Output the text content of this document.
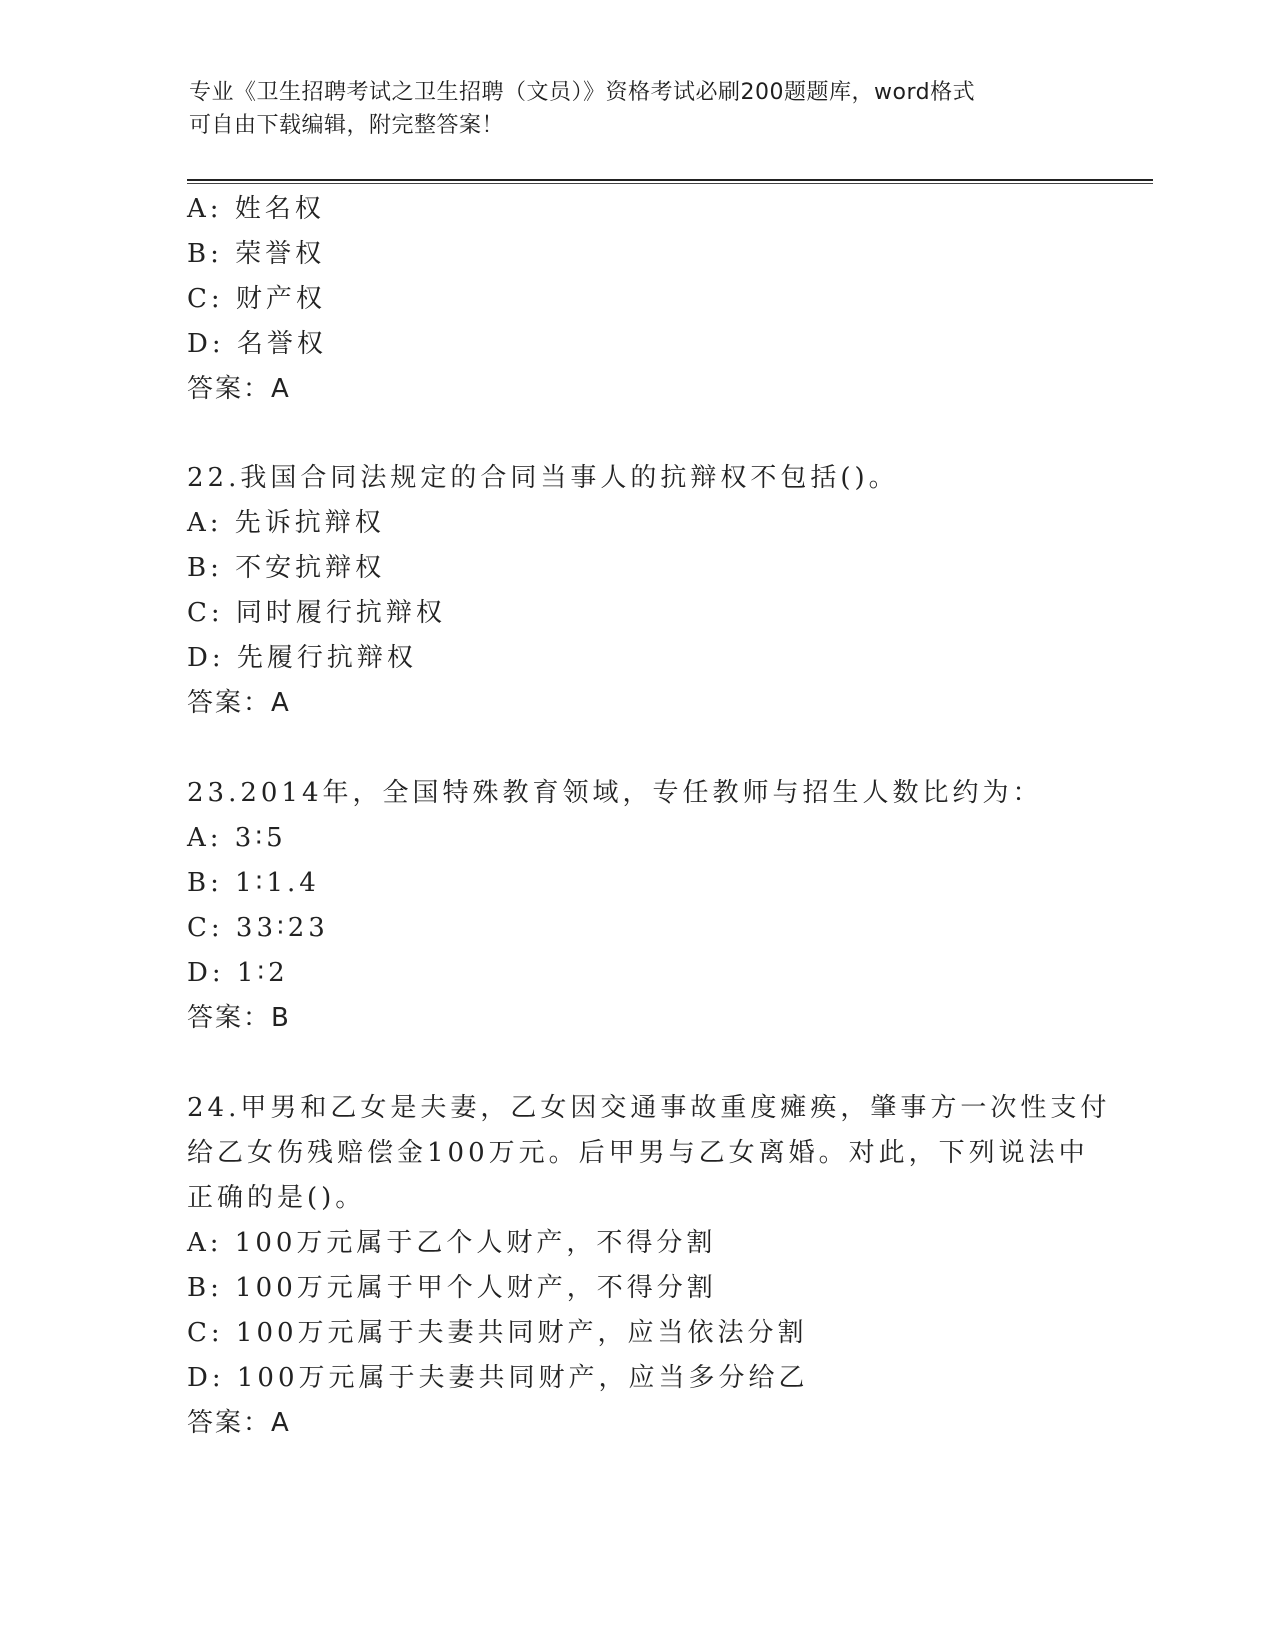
专业《卫生招聘考试之卫生招聘（文员）》资格考试必刷200题题库，word格式
可自由下载编辑，附完整答案！
A: 姓名权
B: 荣誉权
C: 财产权
D: 名誉权
答案：A
22.我国合同法规定的合同当事人的抗辩权不包括()。
A: 先诉抗辩权
B: 不安抗辩权
C: 同时履行抗辩权
D: 先履行抗辩权
答案：A
23.2014年，全国特殊教育领域，专任教师与招生人数比约为：
A: 3∶5
B: 1∶1.4
C: 33∶23
D: 1∶2
答案：B
24.甲男和乙女是夫妻，乙女因交通事故重度瘫痪，肇事方一次性支付
给乙女伤残赔偿金100万元。后甲男与乙女离婚。对此，下列说法中
正确的是()。
A: 100万元属于乙个人财产，不得分割
B: 100万元属于甲个人财产，不得分割
C: 100万元属于夫妻共同财产，应当依法分割
D: 100万元属于夫妻共同财产，应当多分给乙
答案：A
